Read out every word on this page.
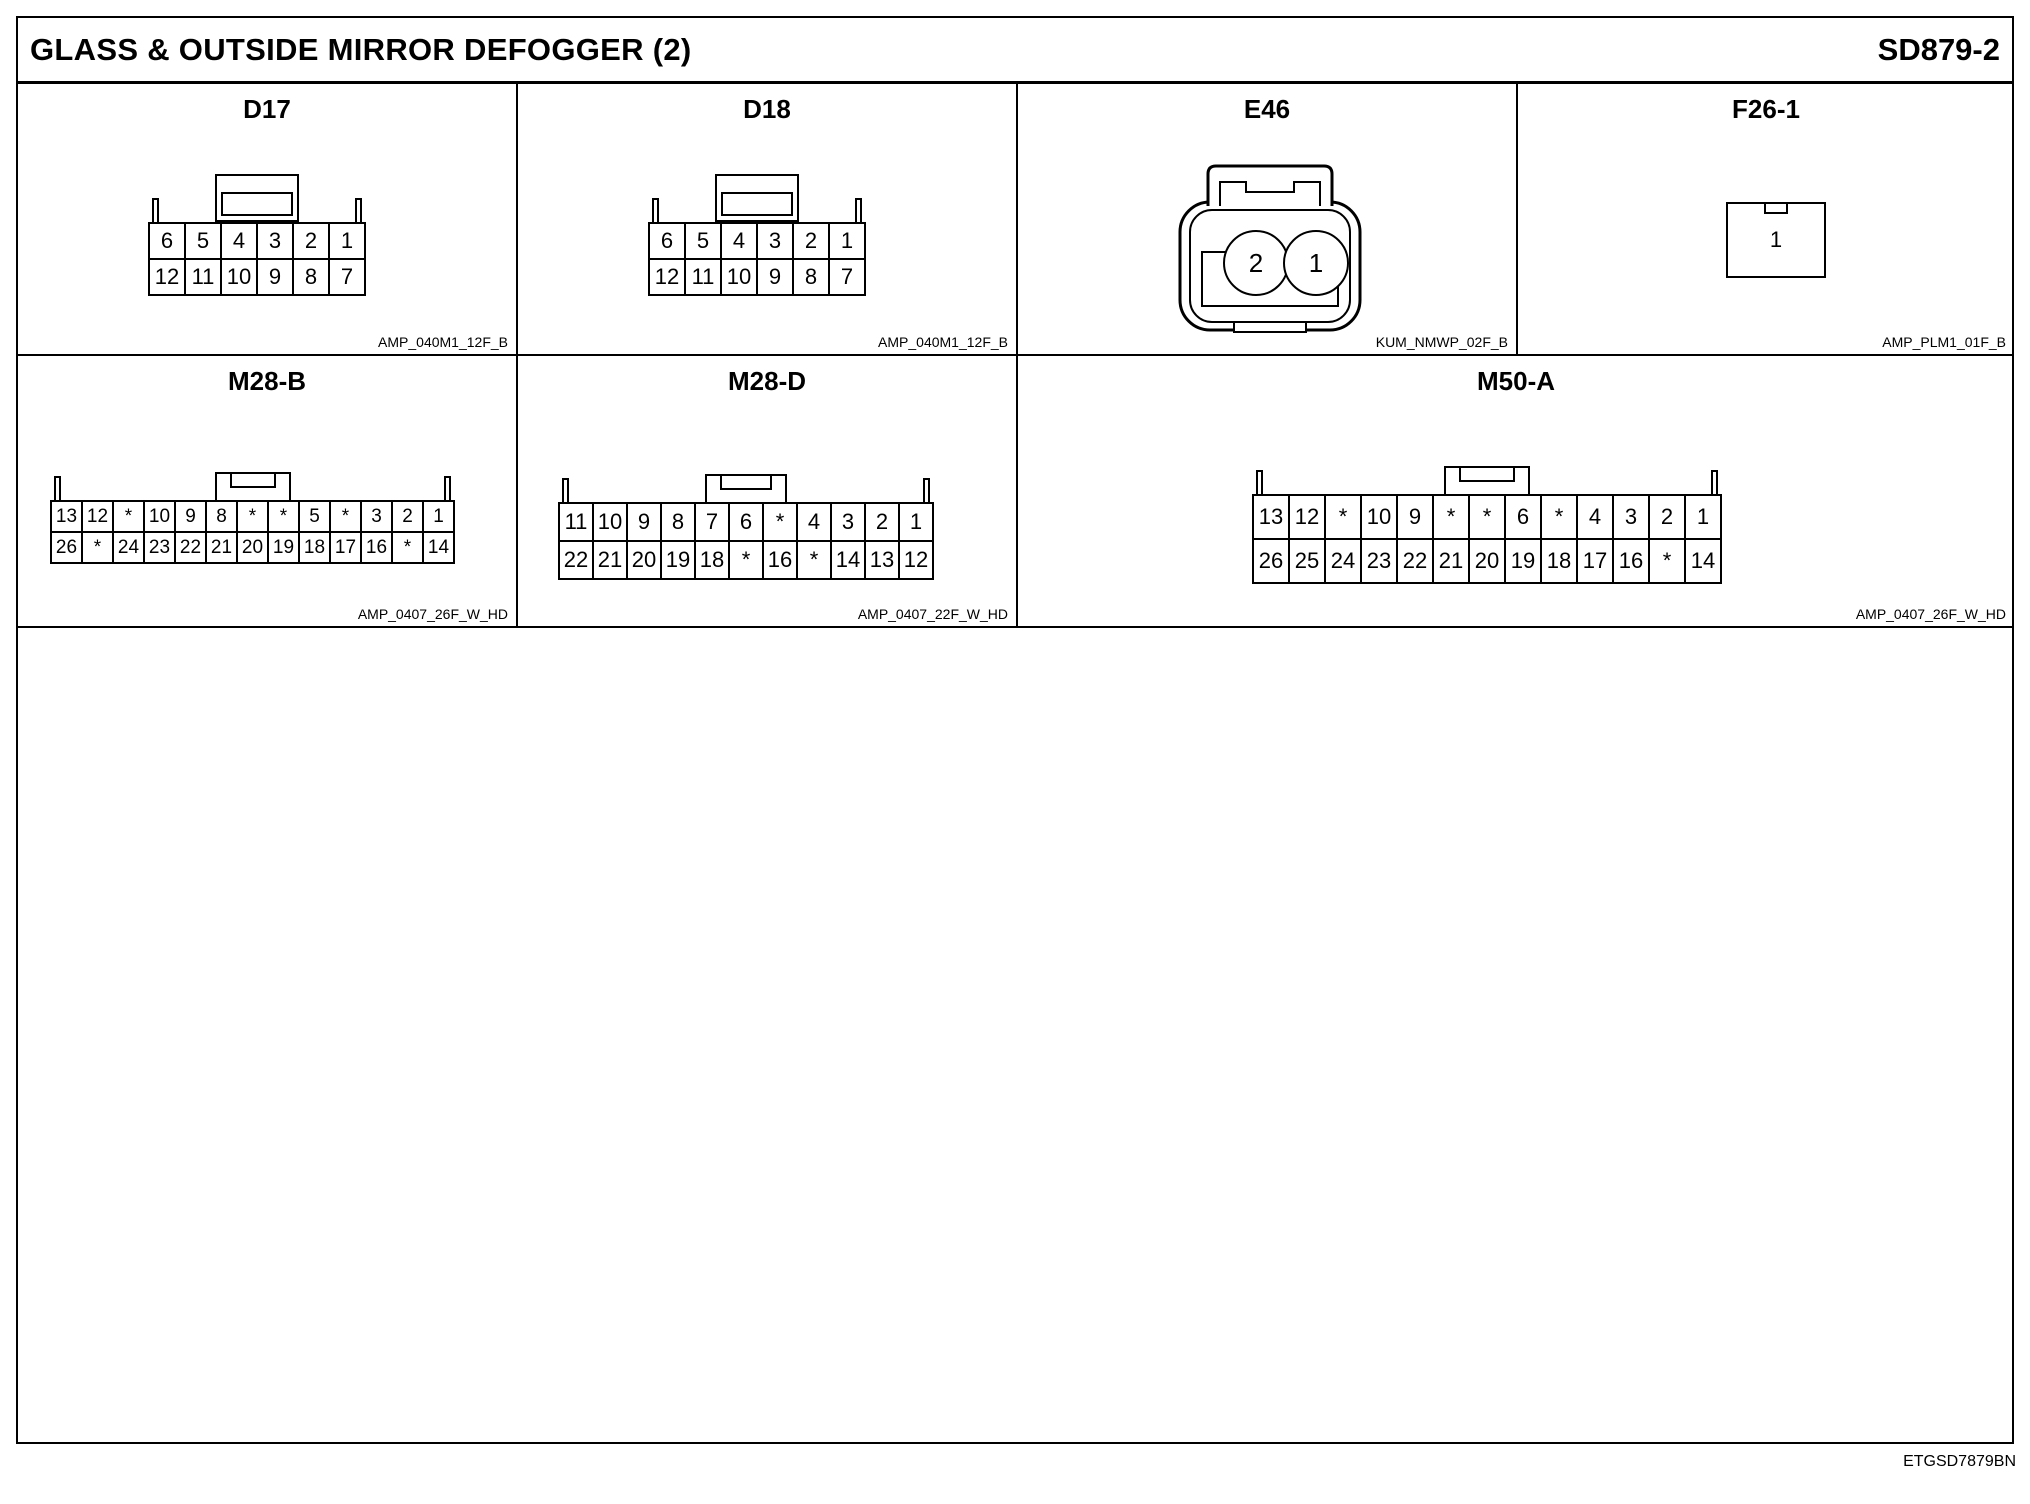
GLASS & OUTSIDE MIRROR DEFOGGER (2)	SD879-2
D17
6	5	4	3	2	1
12 11 10 9	8	7
AMP_040M1_12F_B
D18
6	5	4	3	2	1
12 11 10 9	8	7
AMP_040M1_12F_B
E46
2	1
KUM_NMWP_02F_B
F26-1
1
AMP_PLM1_01F_B
M28-B
13 12 * 10 9	8	*	*	5	*	3	2	1
26 * 24 23 22 21 20 19 18 17 16 * 14
AMP_0407_26F_W_HD
M28-D
11 10 9 8 7 6	*	4 3 2 1
22 21 20 19 18 * 16 * 14 13 12
AMP_0407_22F_W_HD
M50-A
13 12 * 10 9	*	*	6	*	4	3	2	1
26 25 24 23 22 21 20 19 18 17 16 * 14
AMP_0407_26F_W_HD
ETGSD7879BN
